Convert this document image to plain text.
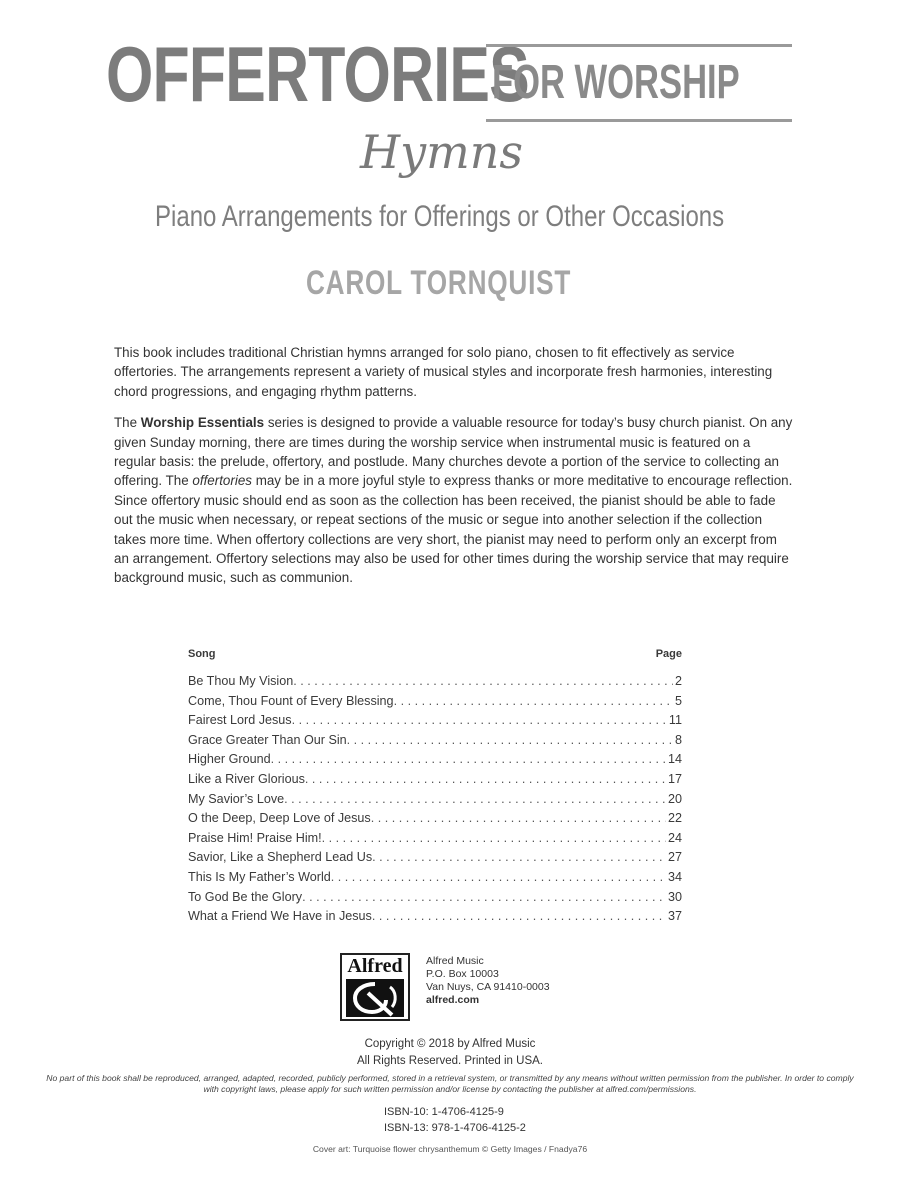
OFFERTORIES
FOR WORSHIP
Hymns
Piano Arrangements for Offerings or Other Occasions
CAROL TORNQUIST

This book includes traditional Christian hymns arranged for solo piano, chosen to fit effectively as service offertories. The arrangements represent a variety of musical styles and incorporate fresh harmonies, interesting chord progressions, and engaging rhythm patterns.

The Worship Essentials series is designed to provide a valuable resource for today’s busy church pianist. On any given Sunday morning, there are times during the worship service when instrumental music is featured on a regular basis: the prelude, offertory, and postlude. Many churches devote a portion of the service to collecting an offering. The offertories may be in a more joyful style to express thanks or more meditative to encourage reflection. Since offertory music should end as soon as the collection has been received, the pianist should be able to fade out the music when necessary, or repeat sections of the music or segue into another selection if the collection takes more time. When offertory collections are very short, the pianist may need to perform only an excerpt from an arrangement. Offertory selections may also be used for other times during the worship service that may require background music, such as communion.

Song	Page
Be Thou My Vision . . .	2
Come, Thou Fount of Every Blessing . . .	5
Fairest Lord Jesus . . .	11
Grace Greater Than Our Sin . . .	8
Higher Ground . . .	14
Like a River Glorious . . .	17
My Savior’s Love . . .	20
O the Deep, Deep Love of Jesus . . .	22
Praise Him! Praise Him! . . .	24
Savior, Like a Shepherd Lead Us . . .	27
This Is My Father’s World . . .	34
To God Be the Glory . . .	30
What a Friend We Have in Jesus . . .	37
Alfred	Alfred Music
P.O. Box 10003
Van Nuys, CA 91410-0003
alfred.com
Copyright © 2018 by Alfred Music
All Rights Reserved. Printed in USA.
No part of this book shall be reproduced, arranged, adapted, recorded, publicly performed, stored in a retrieval system, or transmitted by any means without written permission from the publisher. In order to comply with copyright laws, please apply for such written permission and/or license by contacting the publisher at alfred.com/permissions.
ISBN-10: 1-4706-4125-9
ISBN-13: 978-1-4706-4125-2
Cover art: Turquoise flower chrysanthemum © Getty Images / Fnadya76
